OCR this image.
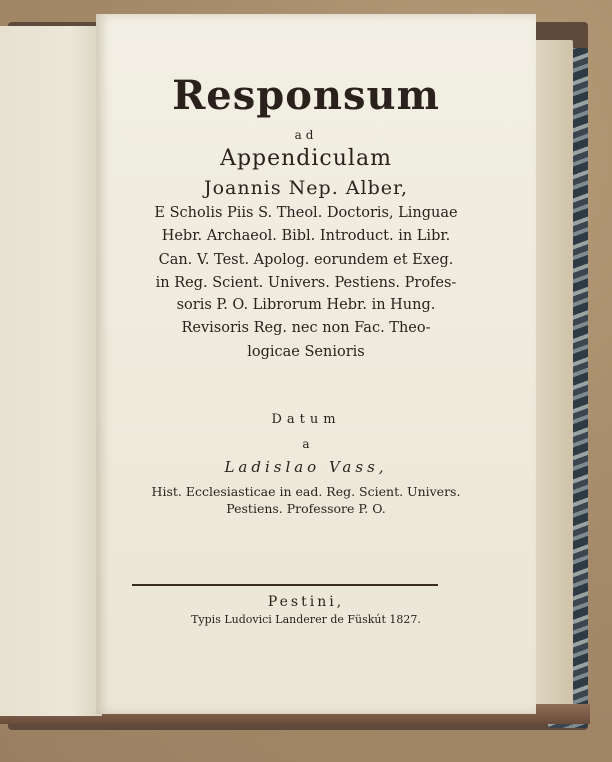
Responsum
ad
Appendiculam
Joannis Nep. Alber,
E Scholis Piis S. Theol. Doctoris, Linguae
Hebr. Archaeol. Bibl. Introduct. in Libr.
Can. V. Test. Apolog. eorundem et Exeg.
in Reg. Scient. Univers. Pestiens. Profes-
soris P. O. Librorum Hebr. in Hung.
Revisoris Reg. nec non Fac. Theo-
logicae Senioris
Datum
a
Ladislao Vass,
Hist. Ecclesiasticae in ead. Reg. Scient. Univers.
Pestiens. Professore P. O.
Pestini,
Typis Ludovici Landerer de Füskút 1827.
